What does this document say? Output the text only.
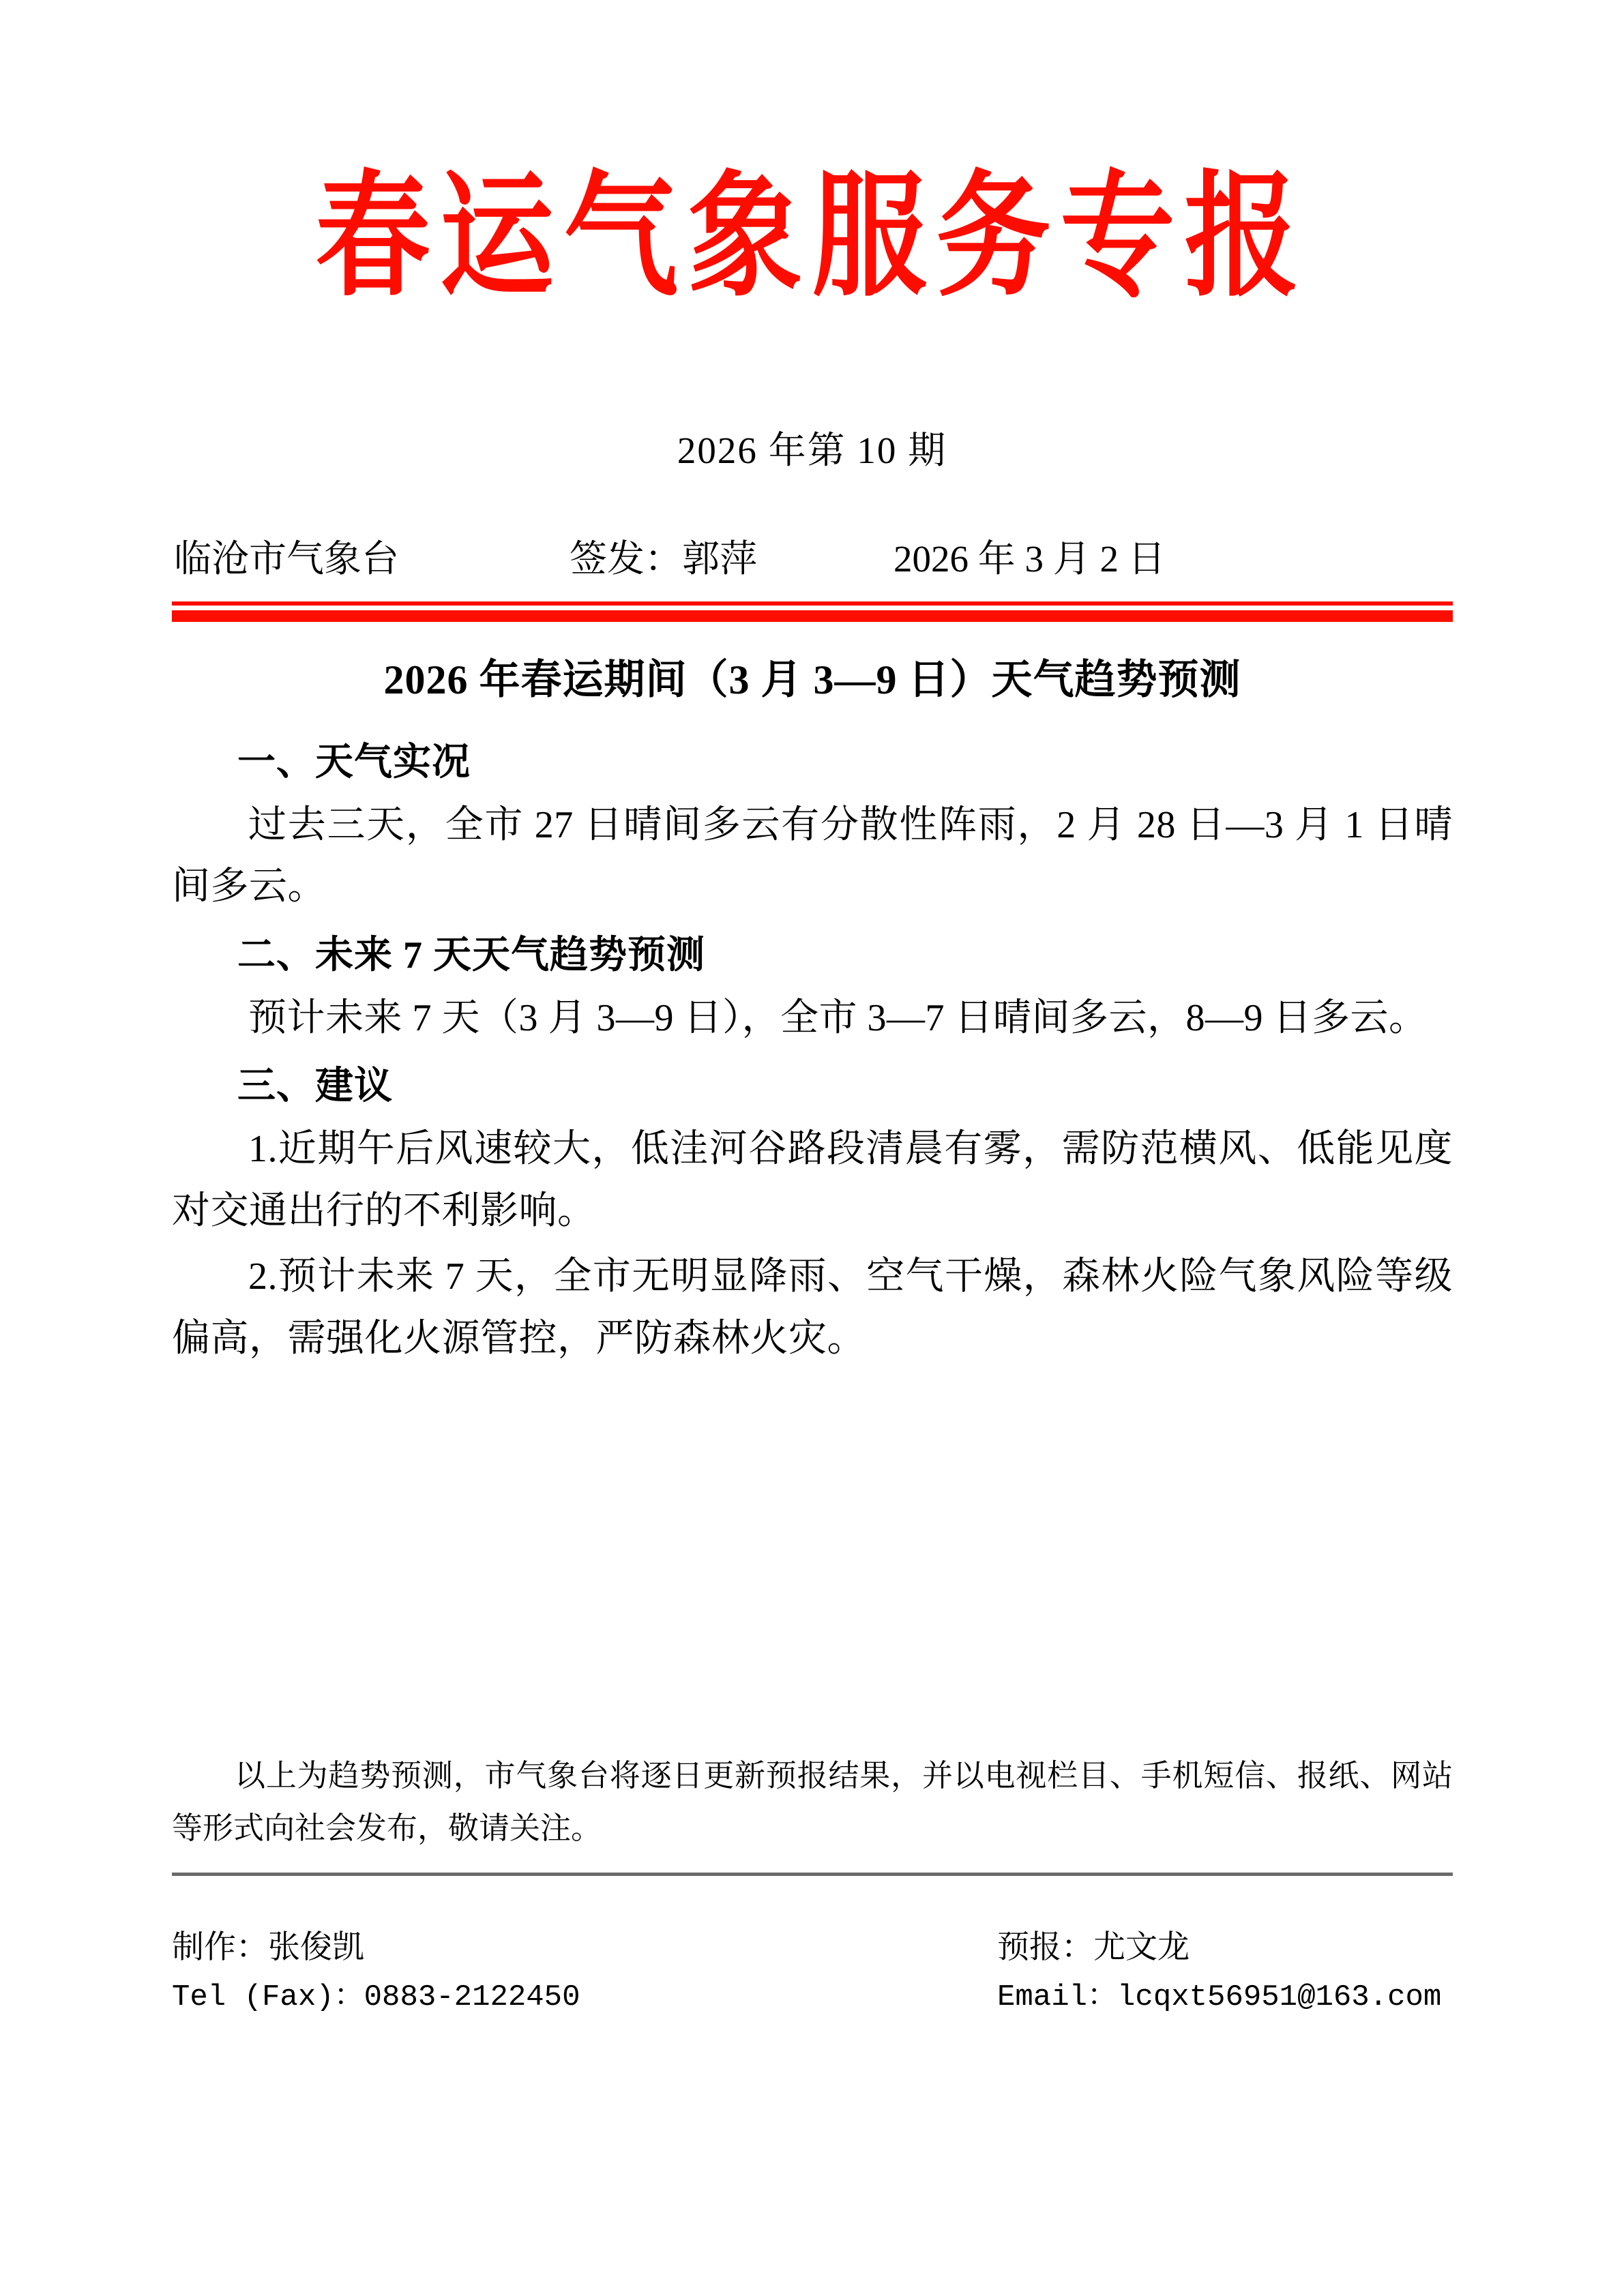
春运气象服务专报
2026 年第 10 期
临沧市气象台	签发：郭萍	2026 年 3 月 2 日
2026 年春运期间（3 月 3—9 日）天气趋势预测
一、天气实况

过去三天，全市 27 日晴间多云有分散性阵雨，2 月 28 日—3 月 1 日晴间多云。

二、未来 7 天天气趋势预测

预计未来 7 天（3 月 3—9 日），全市 3—7 日晴间多云，8—9 日多云。

三、建议

1.近期午后风速较大，低洼河谷路段清晨有雾，需防范横风、低能见度对交通出行的不利影响。

2.预计未来 7 天，全市无明显降雨、空气干燥，森林火险气象风险等级偏高，需强化火源管控，严防森林火灾。

以上为趋势预测，市气象台将逐日更新预报结果，并以电视栏目、手机短信、报纸、网站等形式向社会发布，敬请关注。
制作：张俊凯
Tel (Fax)：0883-2122450
预报：尤文龙
Email：lcqxt56951@163.com
